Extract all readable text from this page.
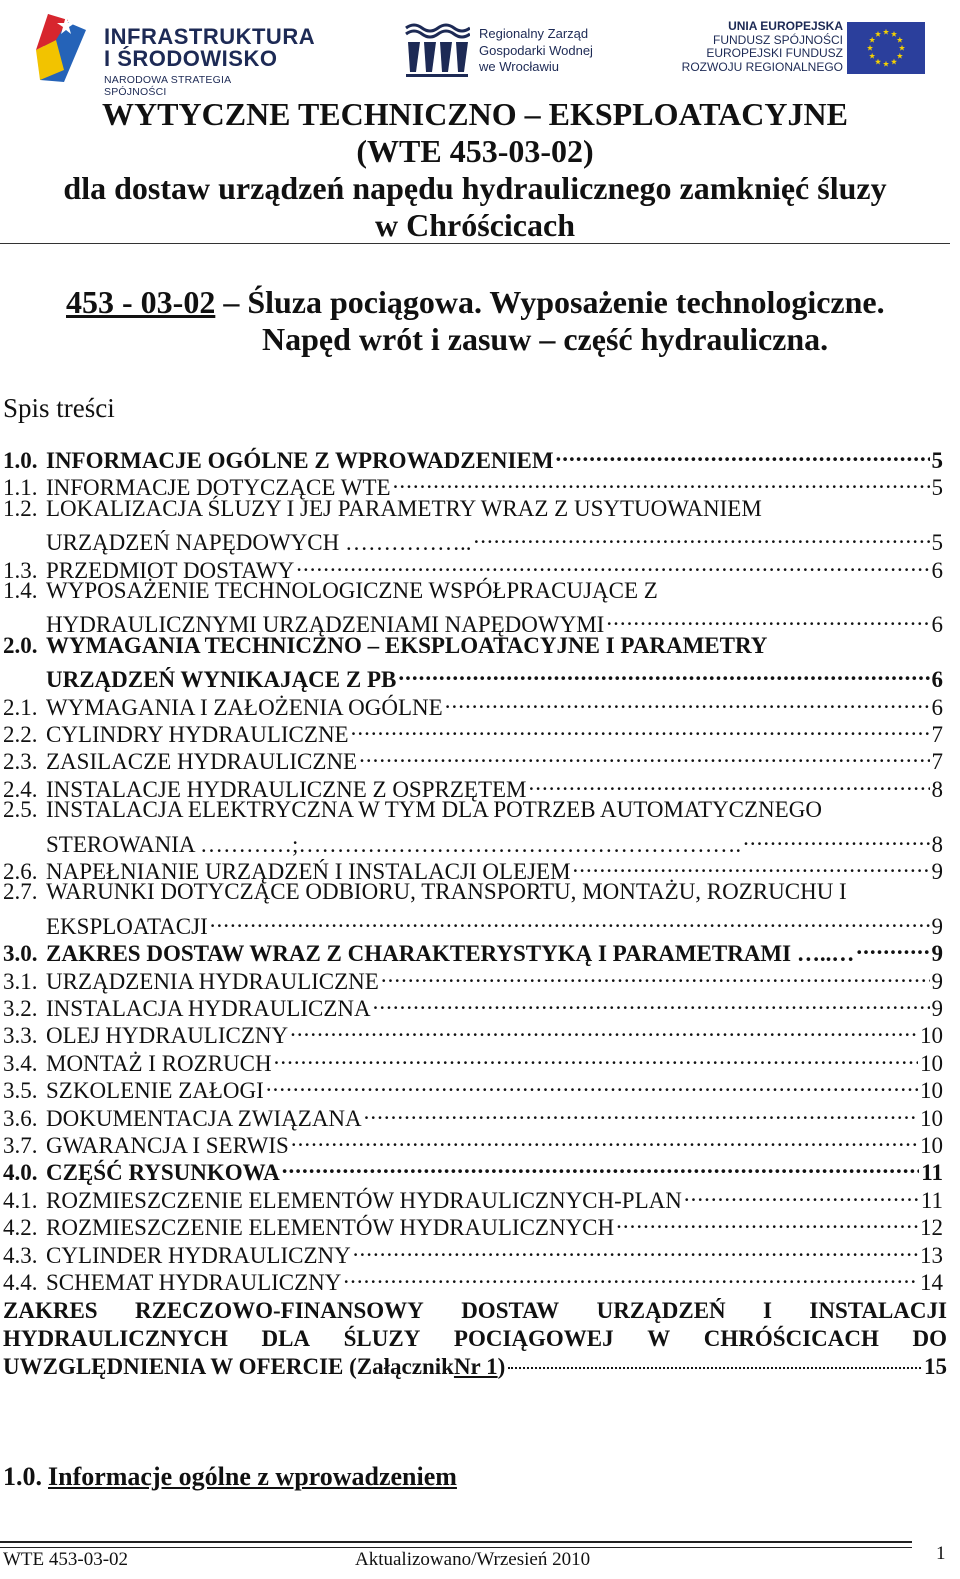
INFRASTRUKTURA
I ŚRODOWISKO
NARODOWA STRATEGIA SPÓJNOŚCI
Regionalny Zarząd
Gospodarki Wodnej
we Wrocławiu
UNIA EUROPEJSKA
FUNDUSZ SPÓJNOŚCI
EUROPEJSKI FUNDUSZ
ROZWOJU REGIONALNEGO
WYTYCZNE TECHNICZNO – EKSPLOATACYJNE
(WTE 453-03-02)
dla dostaw urządzeń napędu hydraulicznego zamknięć śluzy
w Chróścicach
453 - 03-02 – Śluza pociągowa. Wyposażenie technologiczne.
Napęd wrót i zasuw – część hydrauliczna.
Spis treści
1.0. INFORMACJE OGÓLNE Z WPROWADZENIEM .....	5
1.1. INFORMACJE DOTYCZĄCE WTE .....	5
1.2. LOKALIZACJA ŚLUZY I JEJ PARAMETRY WRAZ Z USYTUOWANIEM
URZĄDZEŃ NAPĘDOWYCH …………….. .....	5
1.3. PRZEDMIOT DOSTAWY .....	6
1.4. WYPOSAŻENIE TECHNOLOGICZNE WSPÓŁPRACUJĄCE Z
HYDRAULICZNYMI URZĄDZENIAMI NAPĘDOWYMI .....	6
2.0. WYMAGANIA TECHNICZNO – EKSPLOATACYJNE I PARAMETRY
URZĄDZEŃ WYNIKAJĄCE Z PB .....	6
2.1. WYMAGANIA I ZAŁOŻENIA OGÓLNE .....	6
2.2. CYLINDRY HYDRAULICZNE .....	7
2.3. ZASILACZE HYDRAULICZNE .....	7
2.4. INSTALACJE HYDRAULICZNE Z OSPRZĘTEM .....	8
2.5. INSTALACJA ELEKTRYCZNA W TYM DLA POTRZEB AUTOMATYCZNEGO
STEROWANIA …………;…………………………………………………. .....	8
2.6. NAPEŁNIANIE URZĄDZEŃ I INSTALACJI OLEJEM .....	9
2.7. WARUNKI DOTYCZĄCE ODBIORU, TRANSPORTU, MONTAŻU, ROZRUCHU I
EKSPLOATACJI .....	9
3.0. ZAKRES DOSTAW WRAZ Z CHARAKTERYSTYKĄ I PARAMETRAMI …..… .....	9
3.1. URZĄDZENIA HYDRAULICZNE .....	9
3.2. INSTALACJA HYDRAULICZNA .....	9
3.3. OLEJ HYDRAULICZNY .....	10
3.4. MONTAŻ I ROZRUCH .....	10
3.5. SZKOLENIE ZAŁOGI .....	10
3.6. DOKUMENTACJA ZWIĄZANA .....	10
3.7. GWARANCJA I SERWIS .....	10
4.0. CZĘŚĆ RYSUNKOWA .....	11
4.1. ROZMIESZCZENIE ELEMENTÓW HYDRAULICZNYCH-PLAN .....	11
4.2. ROZMIESZCZENIE ELEMENTÓW HYDRAULICZNYCH .....	12
4.3. CYLINDER HYDRAULICZNY .....	13
4.4. SCHEMAT HYDRAULICZNY .....	14
ZAKRES RZECZOWO-FINANSOWY DOSTAW URZĄDZEŃ I INSTALACJI
HYDRAULICZNYCH DLA ŚLUZY POCIĄGOWEJ W CHRÓŚCICACH DO
UWZGLĘDNIENIA W OFERCIE (Załącznik Nr 1 )	15
1.0. Informacje ogólne z wprowadzeniem
WTE 453-03-02	Aktualizowano/Wrzesień 2010	1
